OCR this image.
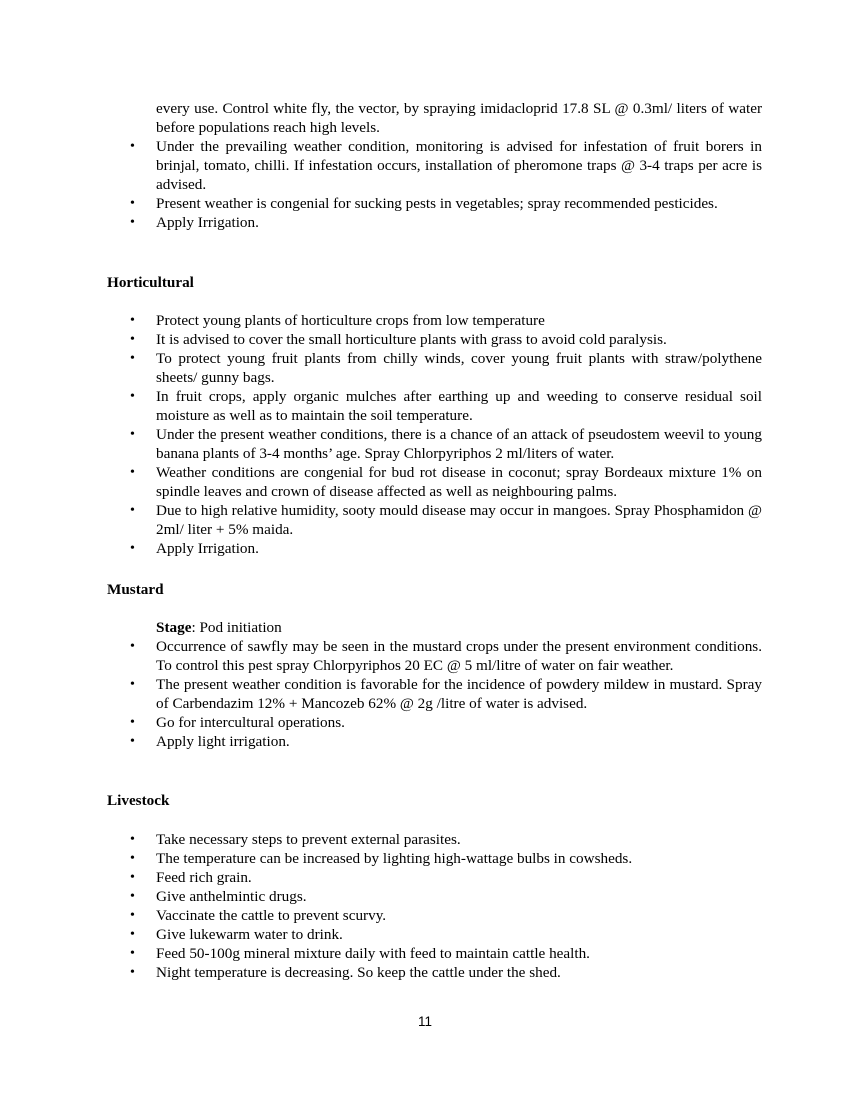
every use. Control white fly, the vector, by spraying imidacloprid 17.8 SL @ 0.3ml/ liters of water before populations reach high levels.
• Under the prevailing weather condition, monitoring is advised for infestation of fruit borers in brinjal, tomato, chilli. If infestation occurs, installation of pheromone traps @ 3-4 traps per acre is advised.
• Present weather is congenial for sucking pests in vegetables; spray recommended pesticides.
• Apply Irrigation.
Horticultural
• Protect young plants of horticulture crops from low temperature
• It is advised to cover the small horticulture plants with grass to avoid cold paralysis.
• To protect young fruit plants from chilly winds, cover young fruit plants with straw/polythene sheets/ gunny bags.
• In fruit crops, apply organic mulches after earthing up and weeding to conserve residual soil moisture as well as to maintain the soil temperature.
• Under the present weather conditions, there is a chance of an attack of pseudostem weevil to young banana plants of 3-4 months’ age. Spray Chlorpyriphos 2 ml/liters of water.
• Weather conditions are congenial for bud rot disease in coconut; spray Bordeaux mixture 1% on spindle leaves and crown of disease affected as well as neighbouring palms.
• Due to high relative humidity, sooty mould disease may occur in mangoes. Spray Phosphamidon @ 2ml/ liter + 5% maida.
• Apply Irrigation.
Mustard
Stage: Pod initiation
• Occurrence of sawfly may be seen in the mustard crops under the present environment conditions. To control this pest spray Chlorpyriphos 20 EC @ 5 ml/litre of water on fair weather.
• The present weather condition is favorable for the incidence of powdery mildew in mustard. Spray of Carbendazim 12% + Mancozeb 62% @ 2g /litre of water is advised.
• Go for intercultural operations.
• Apply light irrigation.
Livestock
• Take necessary steps to prevent external parasites.
• The temperature can be increased by lighting high-wattage bulbs in cowsheds.
• Feed rich grain.
• Give anthelmintic drugs.
• Vaccinate the cattle to prevent scurvy.
• Give lukewarm water to drink.
• Feed 50-100g mineral mixture daily with feed to maintain cattle health.
• Night temperature is decreasing. So keep the cattle under the shed.
11
